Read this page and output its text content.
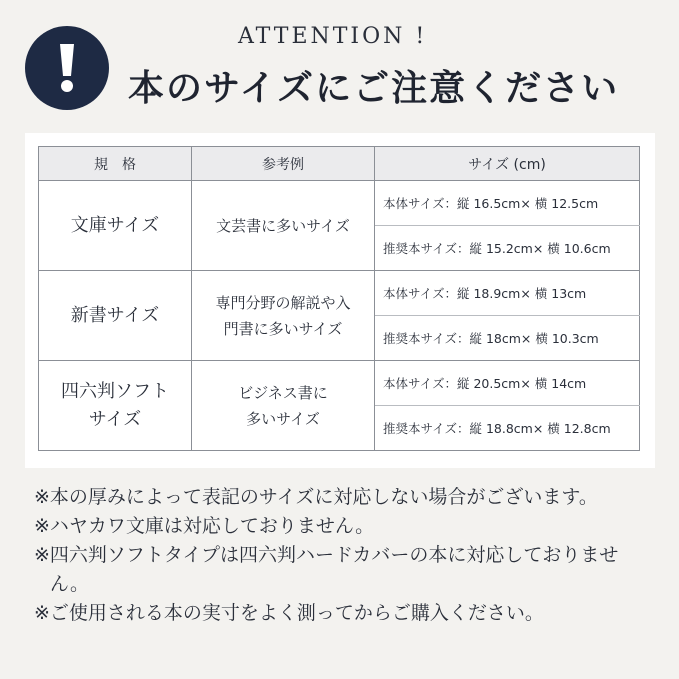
ATTENTION !
本のサイズにご注意ください
規　格	参考例	サイズ (cm)
文庫サイズ	文芸書に多いサイズ	本体サイズ：縦 16.5cm× 横 12.5cm
		推奨本サイズ：縦 15.2cm× 横 10.6cm
新書サイズ	専門分野の解説や入門書に多いサイズ	本体サイズ：縦 18.9cm× 横 13cm
		推奨本サイズ：縦 18cm× 横 10.3cm
四六判ソフトサイズ	ビジネス書に多いサイズ	本体サイズ：縦 20.5cm× 横 14cm
		推奨本サイズ：縦 18.8cm× 横 12.8cm
※ 本の厚みによって表記のサイズに対応しない場合がございます。
※ ハヤカワ文庫は対応しておりません。
※ 四六判ソフトタイプは四六判ハードカバーの本に対応しておりません。
※ ご使用される本の実寸をよく測ってからご購入ください。
